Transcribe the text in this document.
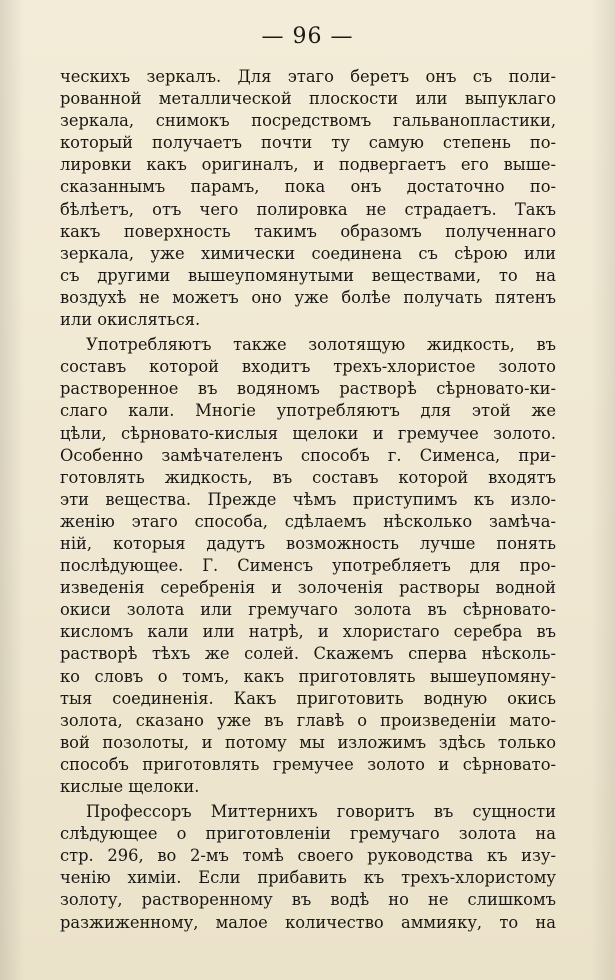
— 96 —
ческихъ зеркалъ. Для этаго беретъ онъ съ поли-
рованной металлической плоскости или выпуклаго
зеркала, снимокъ посредствомъ гальванопластики,
который получаетъ почти ту самую степень по-
лировки какъ оригиналъ, и подвергаетъ его выше-
сказаннымъ парамъ, пока онъ достаточно по-
бѣлѣетъ, отъ чего полировка не страдаетъ. Такъ
какъ поверхность такимъ образомъ полученнаго
зеркала, уже химически соединена съ сѣрою или
съ другими вышеупомянутыми веществами, то на
воздухѣ не можетъ оно уже болѣе получать пятенъ
или окисляться.
Употребляютъ также золотящую жидкость, въ
составъ которой входитъ трехъ-хлористое золото
растворенное въ водяномъ растворѣ сѣрновато-ки-
слаго кали. Многіе употребляютъ для этой же
цѣли, сѣрновато-кислыя щелоки и гремучее золото.
Особенно замѣчателенъ способъ г. Сименса, при-
готовлять жидкость, въ составъ которой входятъ
эти вещества. Прежде чѣмъ приступимъ къ изло-
женію этаго способа, сдѣлаемъ нѣсколько замѣча-
ній, которыя дадутъ возможность лучше понять
послѣдующее. Г. Сименсъ употребляетъ для про-
изведенія серебренія и золоченія растворы водной
окиси золота или гремучаго золота въ сѣрновато-
кисломъ кали или натрѣ, и хлористаго серебра въ
растворѣ тѣхъ же солей. Скажемъ сперва нѣсколь-
ко словъ о томъ, какъ приготовлять вышеупомяну-
тыя соединенія. Какъ приготовить водную окись
золота, сказано уже въ главѣ о произведеніи мато-
вой позолоты, и потому мы изложимъ здѣсь только
способъ приготовлять гремучее золото и сѣрновато-
кислые щелоки.
Профессоръ Миттернихъ говоритъ въ сущности
слѣдующее о приготовленіи гремучаго золота на
стр. 296, во 2-мъ томѣ своего руководства къ изу-
ченію химіи. Если прибавить къ трехъ-хлористому
золоту, растворенному въ водѣ но не слишкомъ
разжиженному, малое количество аммияку, то на
